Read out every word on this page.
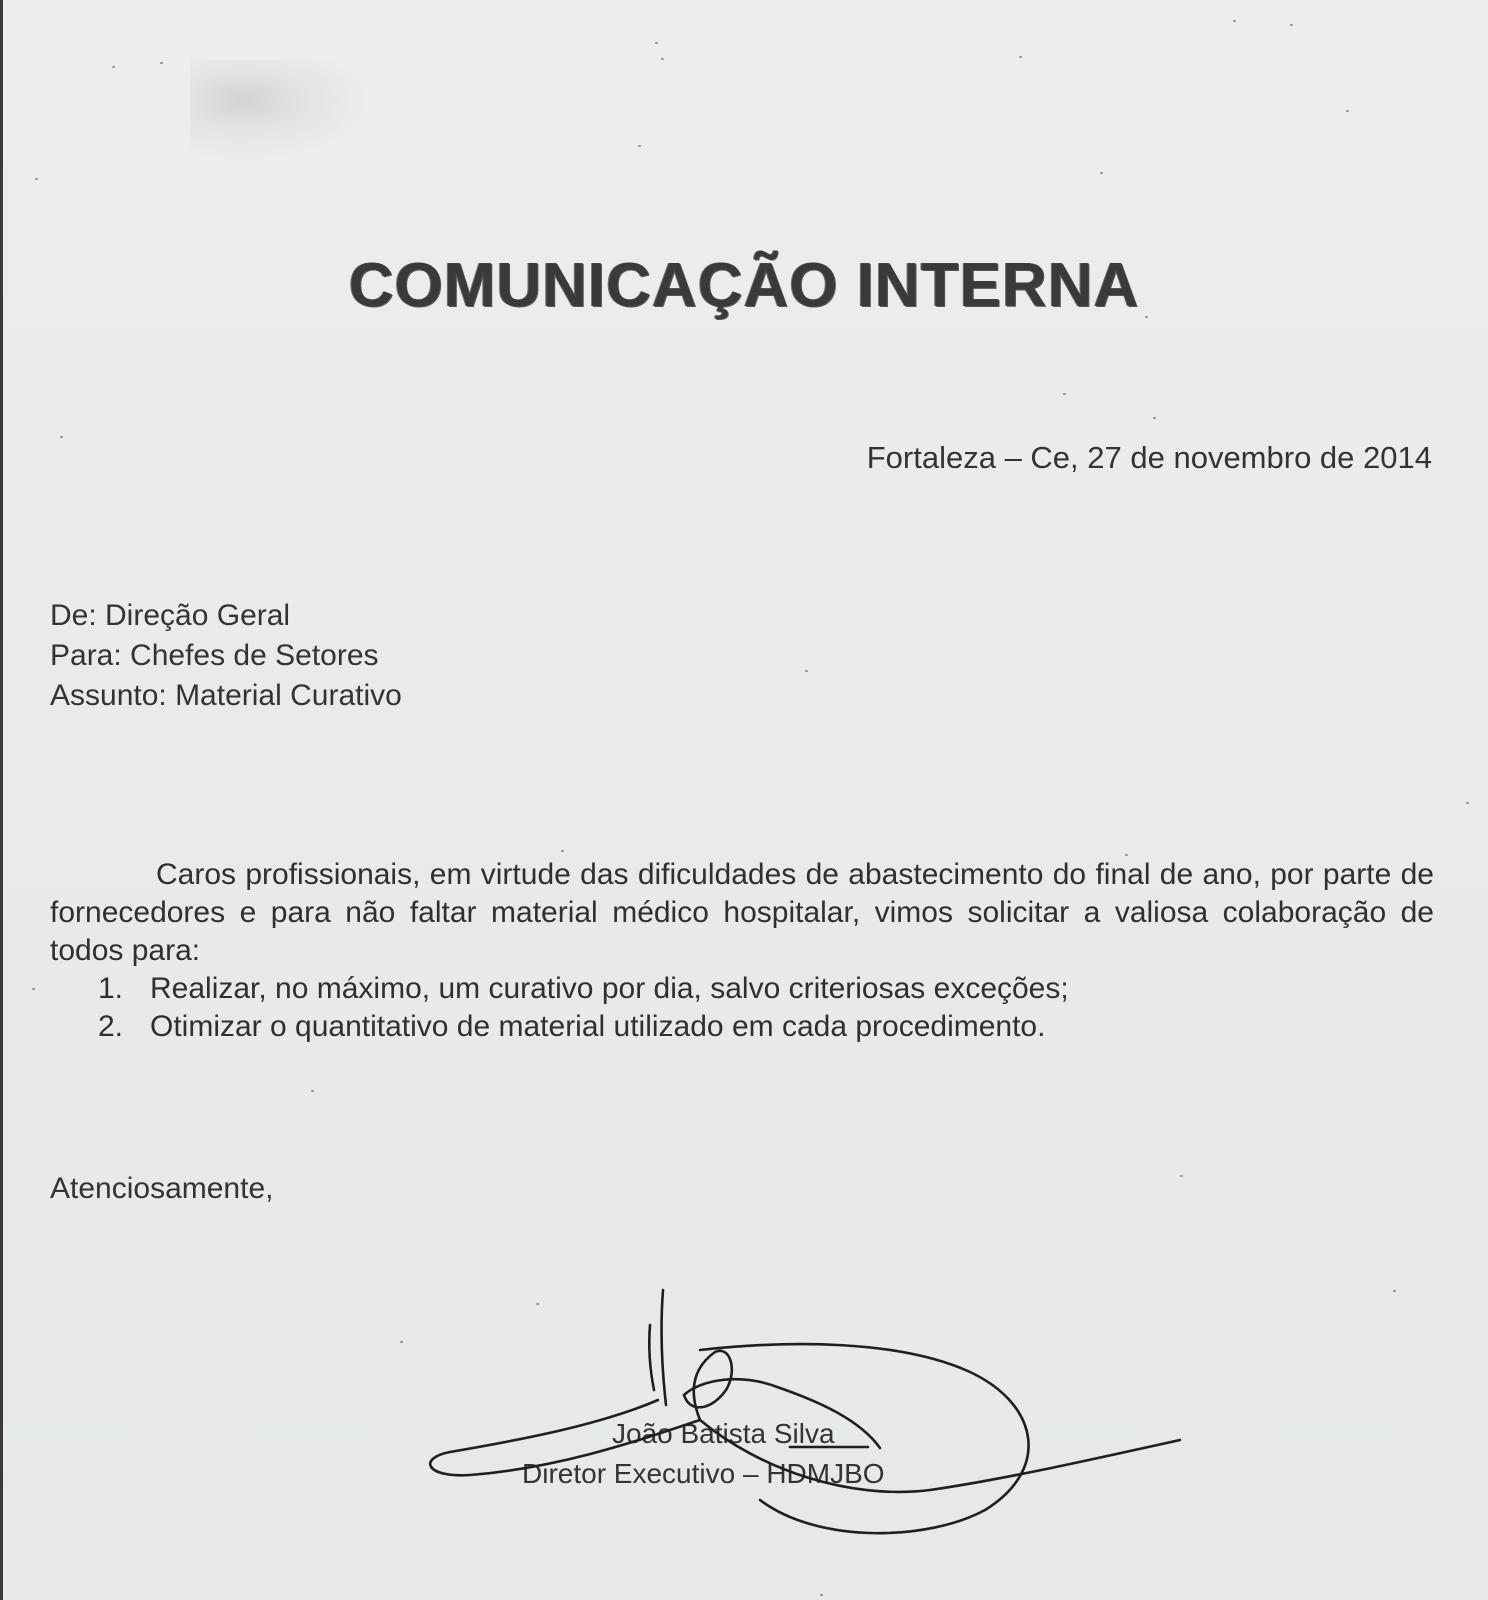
COMUNICAÇÃO INTERNA
Fortaleza – Ce, 27 de novembro de 2014
De: Direção Geral
Para: Chefes de Setores
Assunto: Material Curativo

Caros profissionais, em virtude das dificuldades de abastecimento do final de ano, por parte de fornecedores e para não faltar material médico hospitalar, vimos solicitar a valiosa colaboração de todos para:

1. Realizar, no máximo, um curativo por dia, salvo criteriosas exceções;
2. Otimizar o quantitativo de material utilizado em cada procedimento.
Atenciosamente,
João Batista Silva
Diretor Executivo – HDMJBO
